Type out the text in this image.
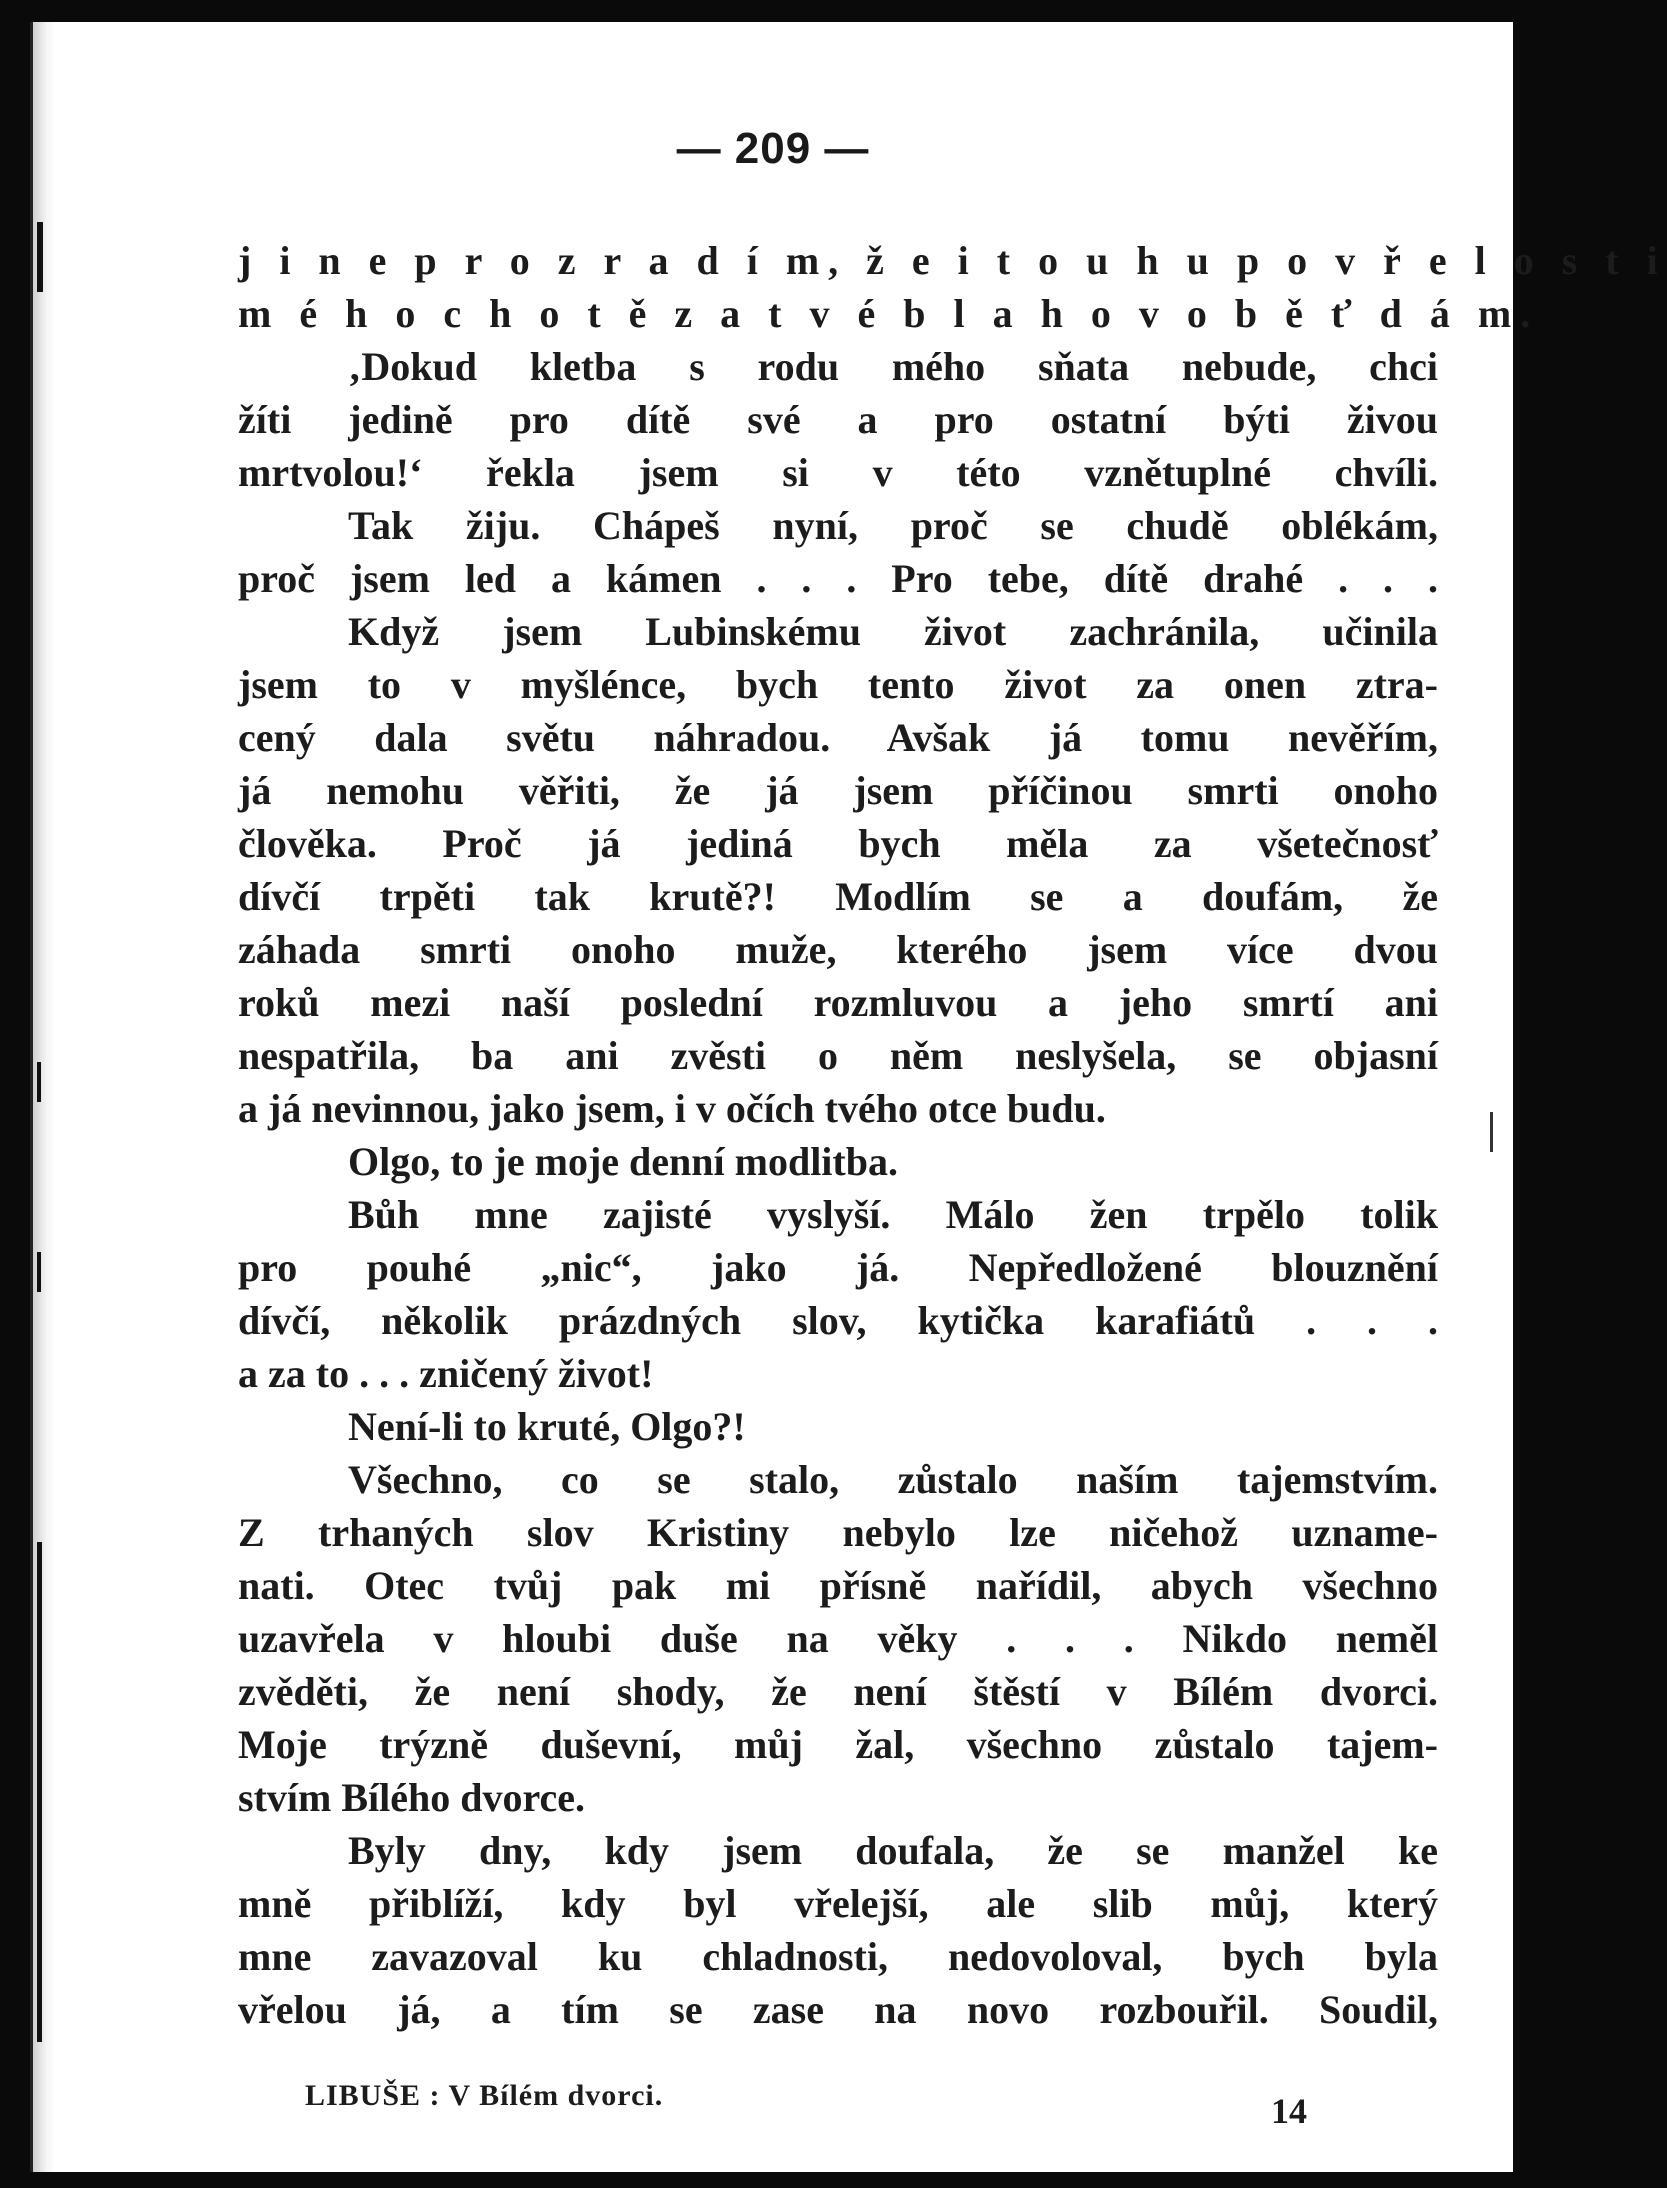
— 209 —
j i n e p r o z r a d í m, ž e i t o u h u p o v ř e l o s t i
m é h o c h o t ě z a t v é b l a h o v o b ě ť d á m.
‚Dokud kletba s rodu mého sňata nebude, chci
žíti jedině pro dítě své a pro ostatní býti živou
mrtvolou!‘ řekla jsem si v této vznětuplné chvíli.
Tak žiju. Chápeš nyní, proč se chudě oblékám,
proč jsem led a kámen . . . Pro tebe, dítě drahé . . .
Když jsem Lubinskému život zachránila, učinila
jsem to v myšlénce, bych tento život za onen ztra-
cený dala světu náhradou. Avšak já tomu nevěřím,
já nemohu věřiti, že já jsem příčinou smrti onoho
člověka. Proč já jediná bych měla za všetečnosť
dívčí trpěti tak krutě?! Modlím se a doufám, že
záhada smrti onoho muže, kterého jsem více dvou
roků mezi naší poslední rozmluvou a jeho smrtí ani
nespatřila, ba ani zvěsti o něm neslyšela, se objasní
a já nevinnou, jako jsem, i v očích tvého otce budu.
Olgo, to je moje denní modlitba.
Bůh mne zajisté vyslyší. Málo žen trpělo tolik
pro pouhé „nic“, jako já. Nepředložené blouznění
dívčí, několik prázdných slov, kytička karafiátů . . .
a za to . . . zničený život!
Není-li to kruté, Olgo?!
Všechno, co se stalo, zůstalo naším tajemstvím.
Z trhaných slov Kristiny nebylo lze ničehož uzname-
nati. Otec tvůj pak mi přísně nařídil, abych všechno
uzavřela v hloubi duše na věky . . . Nikdo neměl
zvěděti, že není shody, že není štěstí v Bílém dvorci.
Moje trýzně duševní, můj žal, všechno zůstalo tajem-
stvím Bílého dvorce.
Byly dny, kdy jsem doufala, že se manžel ke
mně přiblíží, kdy byl vřelejší, ale slib můj, který
mne zavazoval ku chladnosti, nedovoloval, bych byla
vřelou já, a tím se zase na novo rozbouřil. Soudil,
LIBUŠE : V Bílém dvorci.	14
